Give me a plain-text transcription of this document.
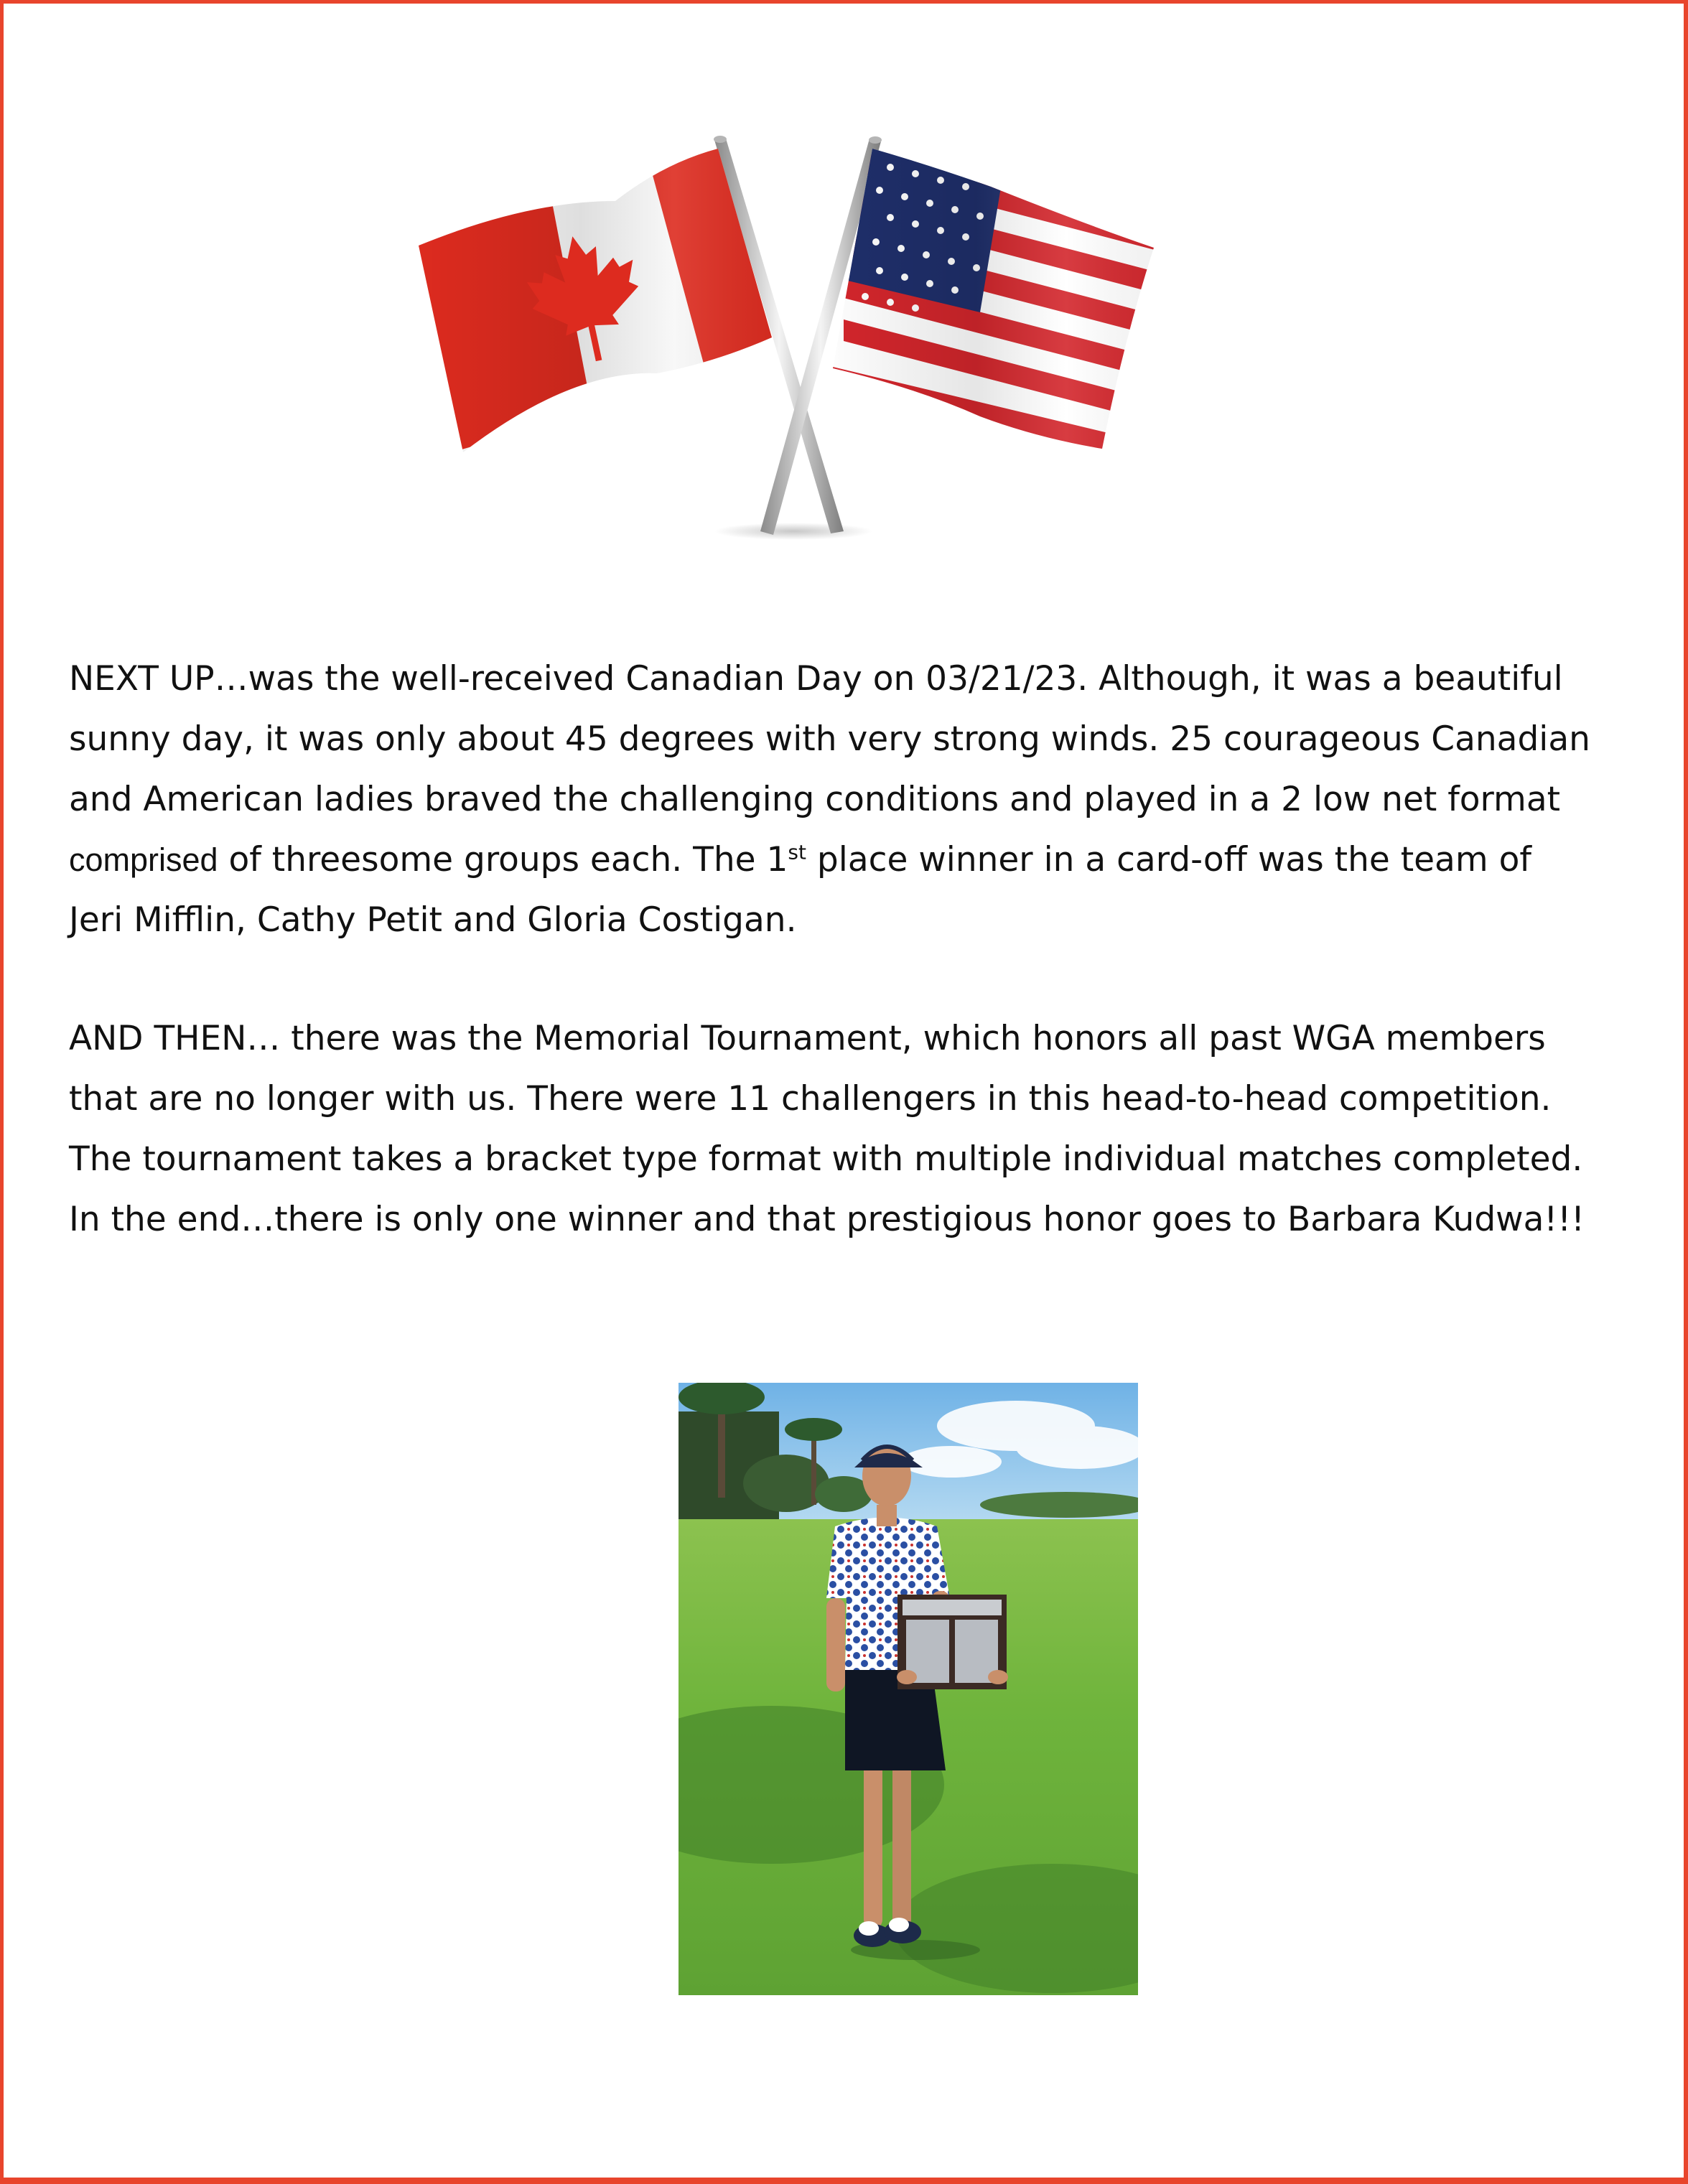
NEXT UP…was the well-received Canadian Day on 03/21/23. Although, it was a beautiful
sunny day, it was only about 45 degrees with very strong winds. 25 courageous Canadian
and American ladies braved the challenging conditions and played in a 2 low net format
comprised of threesome groups each. The 1st place winner in a card-off was the team of
Jeri Mifflin, Cathy Petit and Gloria Costigan.

AND THEN… there was the Memorial Tournament, which honors all past WGA members
that are no longer with us. There were 11 challengers in this head-to-head competition.
The tournament takes a bracket type format with multiple individual matches completed.
In the end…there is only one winner and that prestigious honor goes to Barbara Kudwa!!!
